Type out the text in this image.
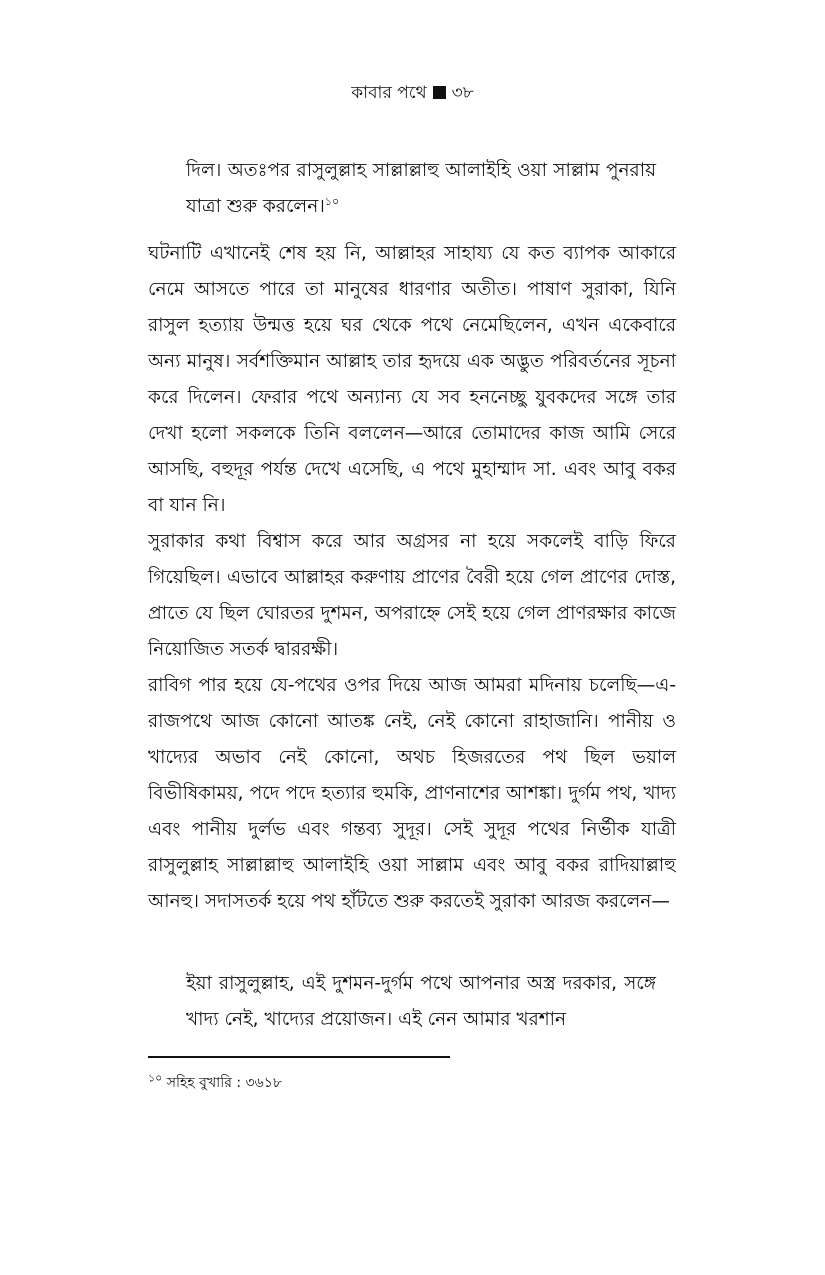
কাবার পথে ৩৮

দিল। অতঃপর রাসুলুল্লাহ সাল্লাল্লাহু আলাইহি ওয়া সাল্লাম পুনরায় যাত্রা শুরু করলেন।$^{১০}$

ঘটনাটি এখানেই শেষ হয় নি, আল্লাহর সাহায্য যে কত ব্যাপক আকারে নেমে আসতে পারে তা মানুষের ধারণার অতীত। পাষাণ সুরাকা, যিনি রাসুল হত্যায় উন্মত্ত হয়ে ঘর থেকে পথে নেমেছিলেন, এখন একেবারে অন্য মানুষ। সর্বশক্তিমান আল্লাহ তার হৃদয়ে এক অদ্ভুত পরিবর্তনের সূচনা করে দিলেন। ফেরার পথে অন্যান্য যে সব হননেচ্ছু যুবকদের সঙ্গে তার দেখা হলো সকলকে তিনি বললেন—আরে তোমাদের কাজ আমি সেরে আসছি, বহুদূর পর্যন্ত দেখে এসেছি, এ পথে মুহাম্মাদ সা. এবং আবু বকর বা যান নি।

সুরাকার কথা বিশ্বাস করে আর অগ্রসর না হয়ে সকলেই বাড়ি ফিরে গিয়েছিল। এভাবে আল্লাহর করুণায় প্রাণের বৈরী হয়ে গেল প্রাণের দোস্ত, প্রাতে যে ছিল ঘোরতর দুশমন, অপরাহ্নে সেই হয়ে গেল প্রাণরক্ষার কাজে নিয়োজিত সতর্ক দ্বাররক্ষী।

রাবিগ পার হয়ে যে-পথের ওপর দিয়ে আজ আমরা মদিনায় চলেছি—এ-রাজপথে আজ কোনো আতঙ্ক নেই, নেই কোনো রাহাজানি। পানীয় ও খাদ্যের অভাব নেই কোনো, অথচ হিজরতের পথ ছিল ভয়াল বিভীষিকাময়, পদে পদে হত্যার হুমকি, প্রাণনাশের আশঙ্কা। দুর্গম পথ, খাদ্য এবং পানীয় দুর্লভ এবং গন্তব্য সুদূর। সেই সুদূর পথের নির্ভীক যাত্রী রাসুলুল্লাহ সাল্লাল্লাহু আলাইহি ওয়া সাল্লাম এবং আবু বকর রাদিয়াল্লাহু আনহু। সদাসতর্ক হয়ে পথ হাঁটতে শুরু করতেই সুরাকা আরজ করলেন—

ইয়া রাসুলুল্লাহ, এই দুশমন-দুর্গম পথে আপনার অস্ত্র দরকার, সঙ্গে খাদ্য নেই, খাদ্যের প্রয়োজন। এই নেন আমার খরশান

$^{১০}$ সহিহ বুখারি : ৩৬১৮
